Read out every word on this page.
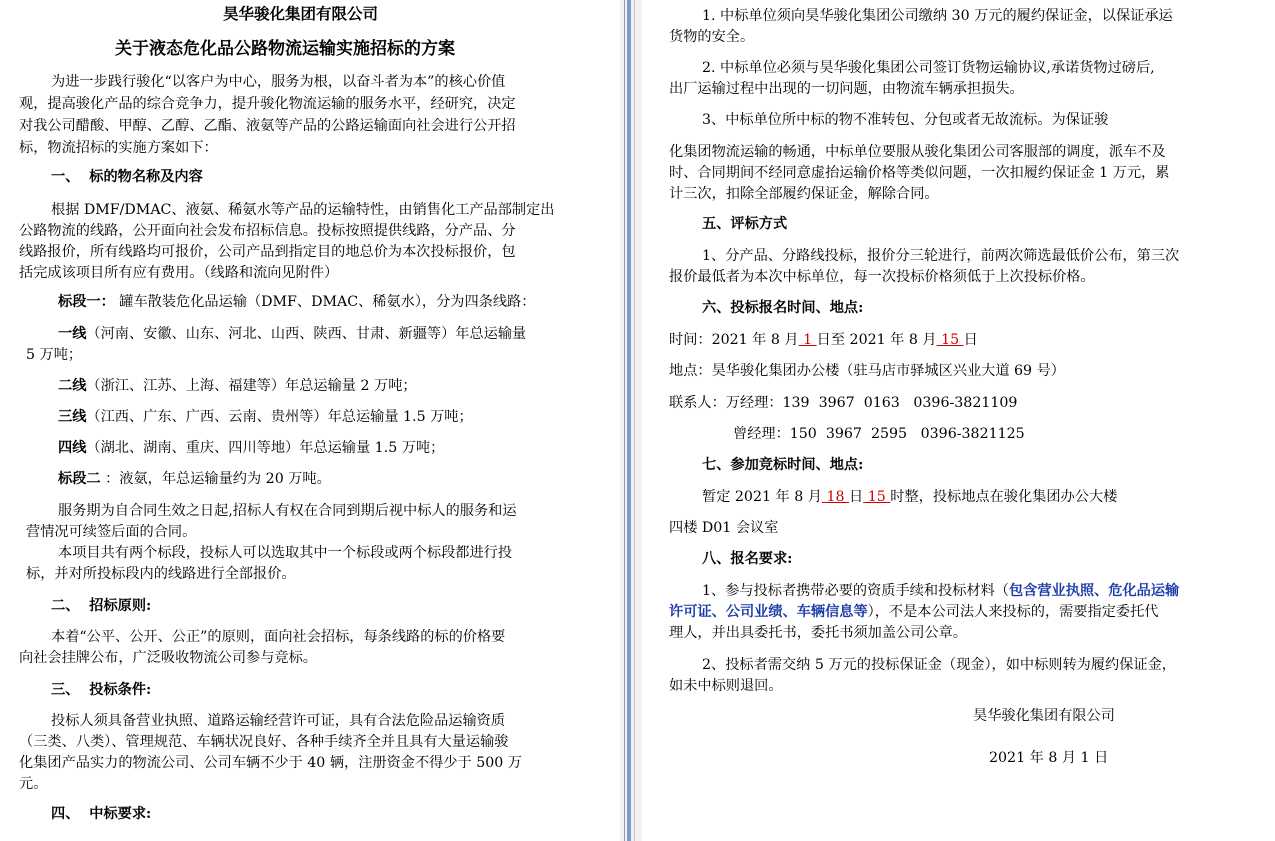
昊华骏化集团有限公司
关于液态危化品公路物流运输实施招标的方案
为进一步践行骏化“以客户为中心，服务为根，以奋斗者为本”的核心价值
观，提高骏化产品的综合竞争力，提升骏化物流运输的服务水平，经研究，决定
对我公司醋酸、甲醇、乙醇、乙酯、液氨等产品的公路运输面向社会进行公开招
标，物流招标的实施方案如下：
一、  标的物名称及内容
根据 DMF/DMAC、液氨、稀氨水等产品的运输特性，由销售化工产品部制定出
公路物流的线路，公开面向社会发布招标信息。投标按照提供线路，分产品、分
线路报价，所有线路均可报价，公司产品到指定目的地总价为本次投标报价，包
括完成该项目所有应有费用。（线路和流向见附件）
标段一： 罐车散装危化品运输（DMF、DMAC、稀氨水），分为四条线路：
一线（河南、安徽、山东、河北、山西、陕西、甘肃、新疆等）年总运输量
5 万吨；
二线（浙江、江苏、上海、福建等）年总运输量 2 万吨；
三线（江西、广东、广西、云南、贵州等）年总运输量 1.5 万吨；
四线（湖北、湖南、重庆、四川等地）年总运输量 1.5 万吨；
标段二 ：液氨，年总运输量约为 20 万吨。
服务期为自合同生效之日起,招标人有权在合同到期后视中标人的服务和运
营情况可续签后面的合同。
本项目共有两个标段，投标人可以选取其中一个标段或两个标段都进行投
标，并对所投标段内的线路进行全部报价。
二、  招标原则:
本着“公平、公开、公正”的原则，面向社会招标，每条线路的标的价格要
向社会挂牌公布，广泛吸收物流公司参与竞标。
三、  投标条件:
投标人须具备营业执照、道路运输经营许可证，具有合法危险品运输资质
（三类、八类）、管理规范、车辆状况良好、各种手续齐全并且具有大量运输骏
化集团产品实力的物流公司、公司车辆不少于 40 辆，注册资金不得少于 500 万
元。
四、  中标要求:
1. 中标单位须向昊华骏化集团公司缴纳 30 万元的履约保证金，以保证承运
货物的安全。
2. 中标单位必须与昊华骏化集团公司签订货物运输协议,承诺货物过磅后,
出厂运输过程中出现的一切问题，由物流车辆承担损失。
3、中标单位所中标的物不准转包、分包或者无故流标。为保证骏
化集团物流运输的畅通，中标单位要服从骏化集团公司客服部的调度，派车不及
时、合同期间不经同意虚抬运输价格等类似问题，一次扣履约保证金 1 万元，累
计三次，扣除全部履约保证金，解除合同。
五、评标方式
1、分产品、分路线投标，报价分三轮进行，前两次筛选最低价公布，第三次
报价最低者为本次中标单位，每一次投标价格须低于上次投标价格。
六、投标报名时间、地点:
时间：2021 年 8 月 1 日至 2021 年 8 月 15 日
地点：昊华骏化集团办公楼（驻马店市驿城区兴业大道 69 号）
联系人：万经理：139  3967  0163   0396-3821109
曾经理：150  3967  2595   0396-3821125
七、参加竞标时间、地点:
暂定 2021 年 8 月 18 日 15 时整，投标地点在骏化集团办公大楼
四楼 D01 会议室
八、报名要求:
1、参与投标者携带必要的资质手续和投标材料（包含营业执照、危化品运输
许可证、公司业绩、车辆信息等），不是本公司法人来投标的，需要指定委托代
理人，并出具委托书，委托书须加盖公司公章。
2、投标者需交纳 5 万元的投标保证金（现金），如中标则转为履约保证金，
如未中标则退回。
昊华骏化集团有限公司
2021 年 8 月 1 日
